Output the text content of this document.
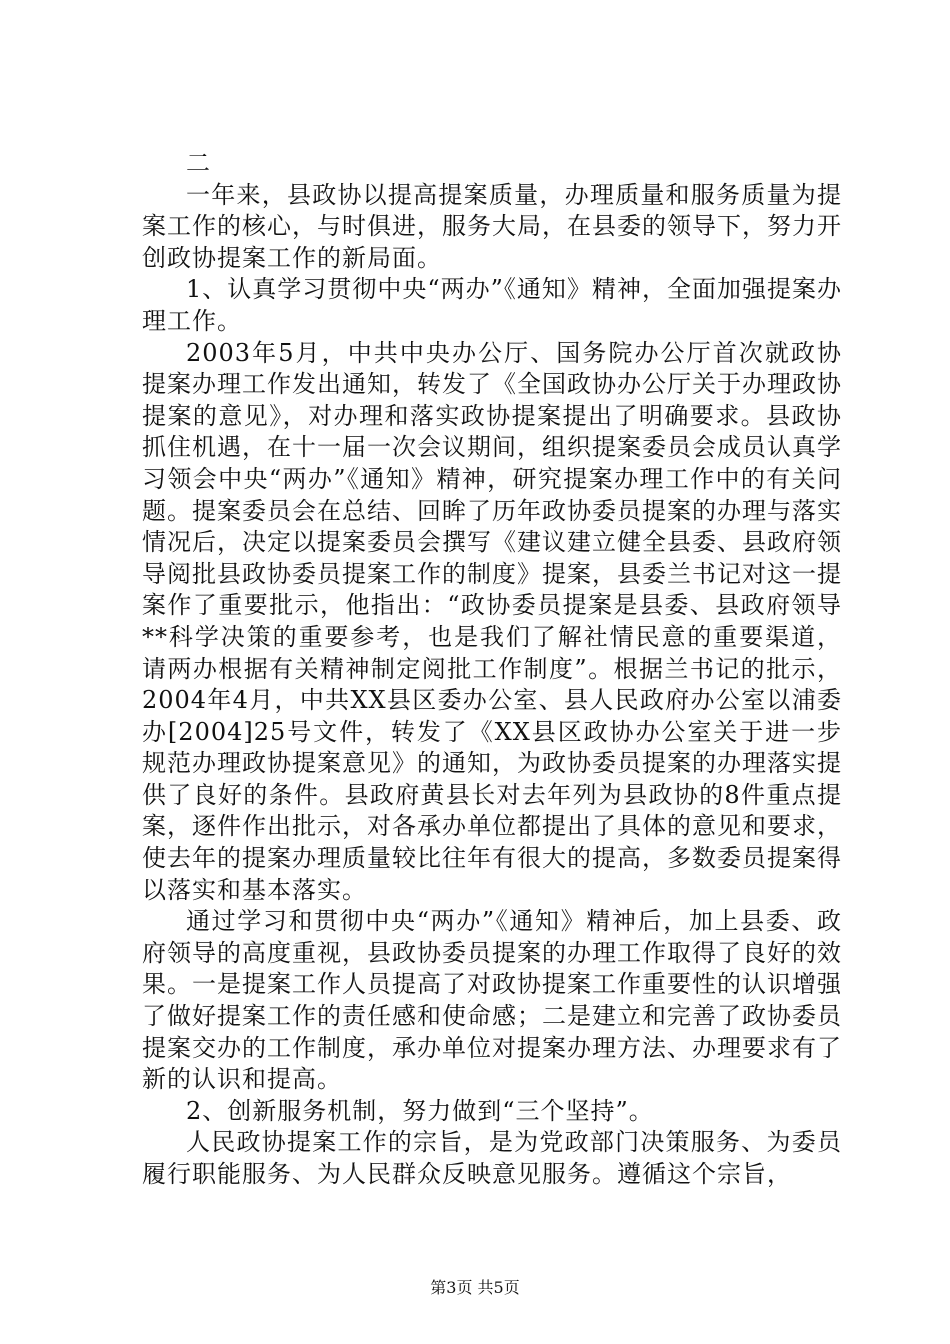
二

一年来，县政协以提高提案质量，办理质量和服务质量为提案工作的核心，与时俱进，服务大局，在县委的领导下，努力开创政协提案工作的新局面。

1、认真学习贯彻中央“两办”《通知》精神，全面加强提案办理工作。

2003年5月，中共中央办公厅、国务院办公厅首次就政协提案办理工作发出通知，转发了《全国政协办公厅关于办理政协提案的意见》，对办理和落实政协提案提出了明确要求。县政协抓住机遇，在十一届一次会议期间，组织提案委员会成员认真学习领会中央“两办”《通知》精神，研究提案办理工作中的有关问题。提案委员会在总结、回眸了历年政协委员提案的办理与落实情况后，决定以提案委员会撰写《建议建立健全县委、县政府领导阅批县政协委员提案工作的制度》提案，县委兰书记对这一提案作了重要批示，他指出：“政协委员提案是县委、县政府领导**科学决策的重要参考，也是我们了解社情民意的重要渠道，请两办根据有关精神制定阅批工作制度”。根据兰书记的批示，2004年4月，中共XX县区委办公室、县人民政府办公室以浦委办[2004]25号文件，转发了《XX县区政协办公室关于进一步规范办理政协提案意见》的通知，为政协委员提案的办理落实提供了良好的条件。县政府黄县长对去年列为县政协的8件重点提案，逐件作出批示，对各承办单位都提出了具体的意见和要求，使去年的提案办理质量较比往年有很大的提高，多数委员提案得以落实和基本落实。

通过学习和贯彻中央“两办”《通知》精神后，加上县委、政府领导的高度重视，县政协委员提案的办理工作取得了良好的效果。一是提案工作人员提高了对政协提案工作重要性的认识增强了做好提案工作的责任感和使命感；二是建立和完善了政协委员提案交办的工作制度，承办单位对提案办理方法、办理要求有了新的认识和提高。

2、创新服务机制，努力做到“三个坚持”。

人民政协提案工作的宗旨，是为党政部门决策服务、为委员履行职能服务、为人民群众反映意见服务。遵循这个宗旨，

第3页 共5页
